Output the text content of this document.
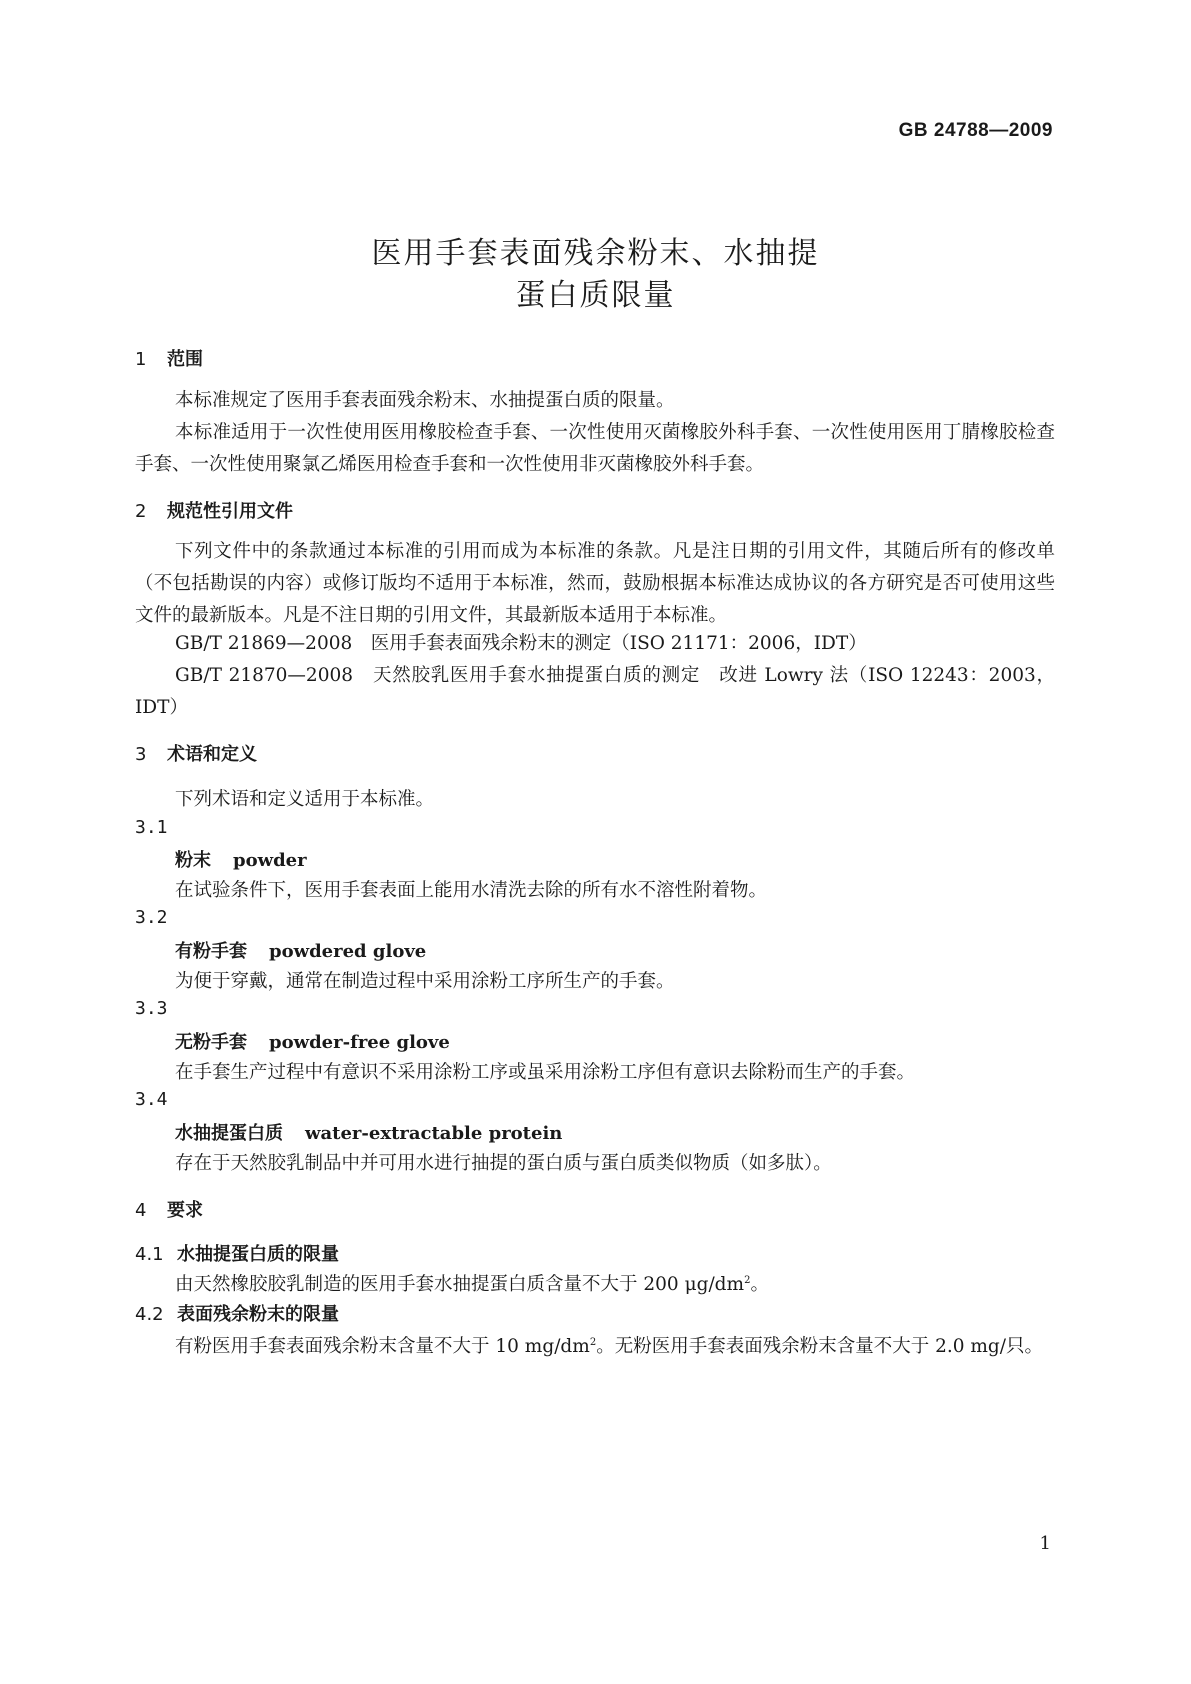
GB 24788—2009
医用手套表面残余粉末、水抽提
蛋白质限量
1 范围
本标准规定了医用手套表面残余粉末、水抽提蛋白质的限量。
本标准适用于一次性使用医用橡胶检查手套、一次性使用灭菌橡胶外科手套、一次性使用医用丁腈橡胶检查手套、一次性使用聚氯乙烯医用检查手套和一次性使用非灭菌橡胶外科手套。
2 规范性引用文件
下列文件中的条款通过本标准的引用而成为本标准的条款。凡是注日期的引用文件，其随后所有的修改单（不包括勘误的内容）或修订版均不适用于本标准，然而，鼓励根据本标准达成协议的各方研究是否可使用这些文件的最新版本。凡是不注日期的引用文件，其最新版本适用于本标准。
GB/T 21869—2008　医用手套表面残余粉末的测定（ISO 21171：2006，IDT）
GB/T 21870—2008　天然胶乳医用手套水抽提蛋白质的测定　改进 Lowry 法（ISO 12243：2003，IDT）
3 术语和定义
下列术语和定义适用于本标准。
3.1
粉末 powder
在试验条件下，医用手套表面上能用水清洗去除的所有水不溶性附着物。
3.2
有粉手套 powdered glove
为便于穿戴，通常在制造过程中采用涂粉工序所生产的手套。
3.3
无粉手套 powder-free glove
在手套生产过程中有意识不采用涂粉工序或虽采用涂粉工序但有意识去除粉而生产的手套。
3.4
水抽提蛋白质 water-extractable protein
存在于天然胶乳制品中并可用水进行抽提的蛋白质与蛋白质类似物质（如多肽）。
4 要求
4.1 水抽提蛋白质的限量
由天然橡胶胶乳制造的医用手套水抽提蛋白质含量不大于 200 $\mu g/dm^2$。
4.2 表面残余粉末的限量
有粉医用手套表面残余粉末含量不大于 10 $mg/dm^2$。无粉医用手套表面残余粉末含量不大于 2.0 mg/只。
1
